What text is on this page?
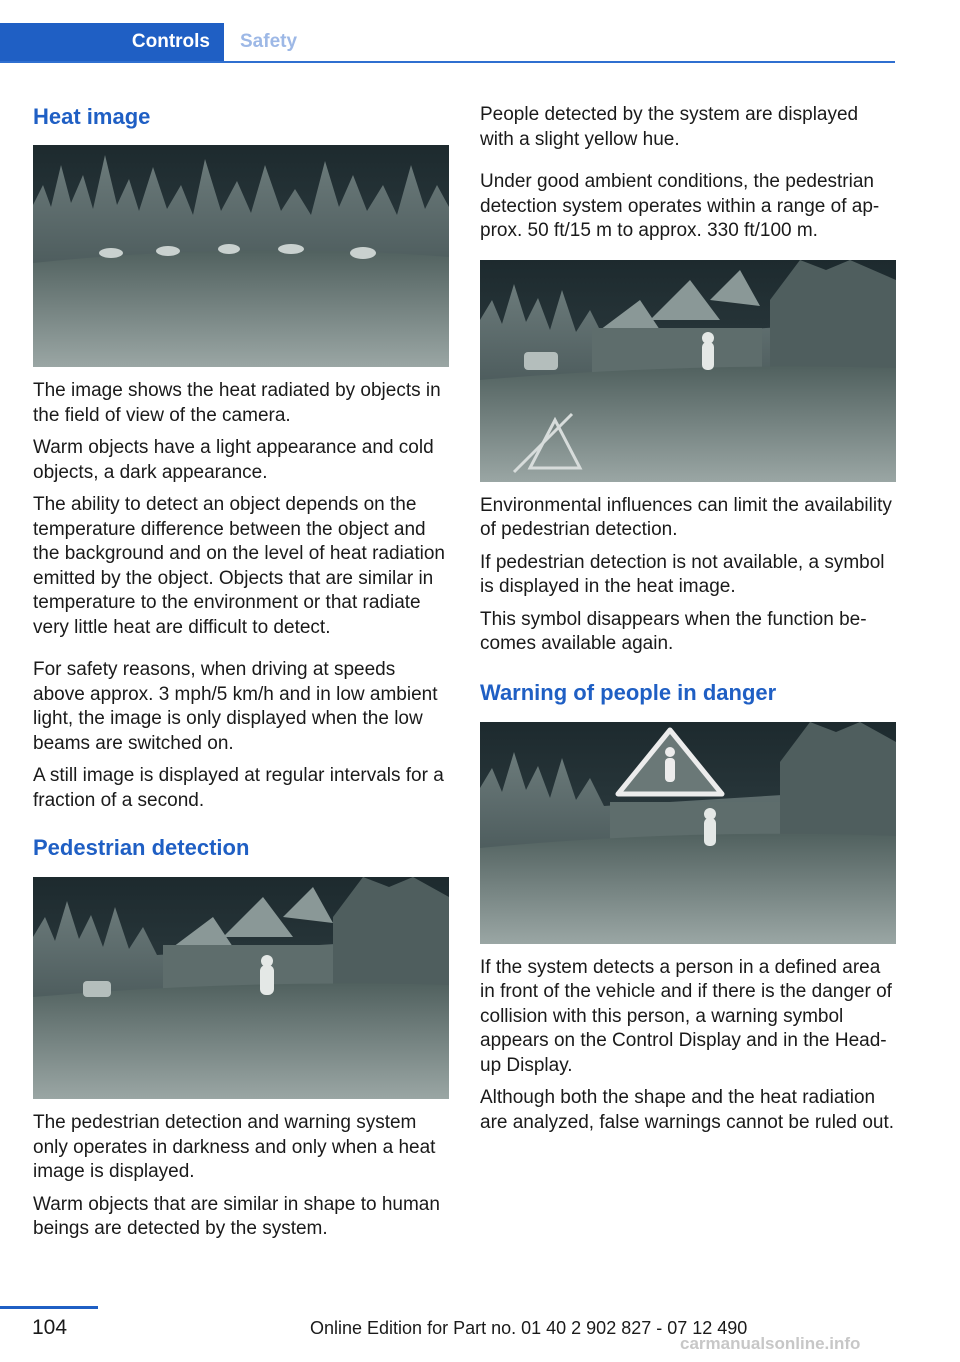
Controls	Safety
Heat image

The image shows the heat radiated by objects in the field of view of the camera.

Warm objects have a light appearance and cold objects, a dark appearance.

The ability to detect an object depends on the temperature difference between the object and the background and on the level of heat radiation emitted by the object. Objects that are similar in temperature to the environment or that radiate very little heat are difficult to detect.

For safety reasons, when driving at speeds above approx. 3 mph/5 km/h and in low ambient light, the image is only displayed when the low beams are switched on.

A still image is displayed at regular intervals for a fraction of a second.

Pedestrian detection

The pedestrian detection and warning system only operates in darkness and only when a heat image is displayed.

Warm objects that are similar in shape to human beings are detected by the system.

People detected by the system are displayed with a slight yellow hue.

Under good ambient conditions, the pedestrian detection system operates within a range of approx. 50 ft/15 m to approx. 330 ft/100 m.

Environmental influences can limit the availability of pedestrian detection.

If pedestrian detection is not available, a symbol is displayed in the heat image.

This symbol disappears when the function becomes available again.

Warning of people in danger

If the system detects a person in a defined area in front of the vehicle and if there is the danger of collision with this person, a warning symbol appears on the Control Display and in the Head-up Display.

Although both the shape and the heat radiation are analyzed, false warnings cannot be ruled out.

104	Online Edition for Part no. 01 40 2 902 827 - 07 12 490
carmanualsonline.info
